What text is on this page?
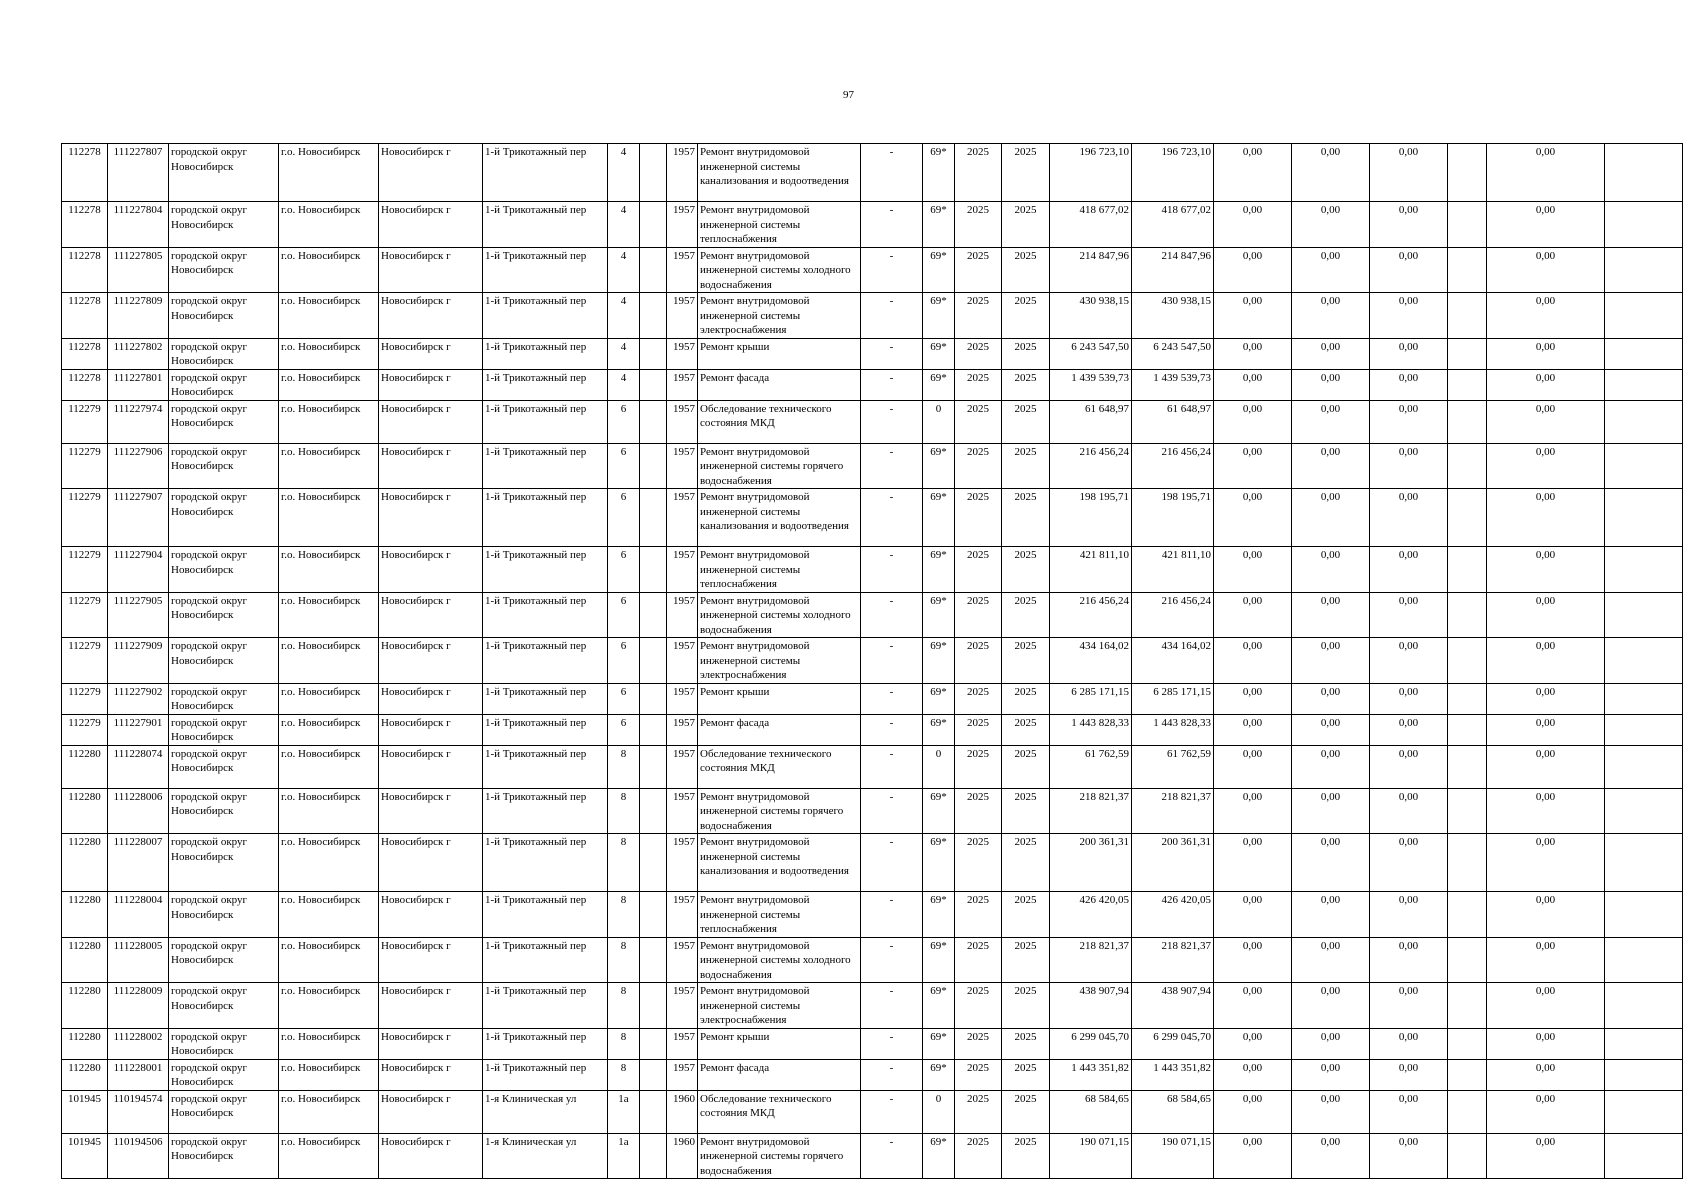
97
112278	111227807	городской округ Новосибирск	г.о. Новосибирск	Новосибирск г	1-й Трикотажный пер	4		1957	Ремонт внутридомовой инженерной системы канализования и водоотведения	-	69*	2025	2025	196 723,10	196 723,10	0,00	0,00	0,00		0,00	
112278	111227804	городской округ Новосибирск	г.о. Новосибирск	Новосибирск г	1-й Трикотажный пер	4		1957	Ремонт внутридомовой инженерной системы теплоснабжения	-	69*	2025	2025	418 677,02	418 677,02	0,00	0,00	0,00		0,00	
112278	111227805	городской округ Новосибирск	г.о. Новосибирск	Новосибирск г	1-й Трикотажный пер	4		1957	Ремонт внутридомовой инженерной системы холодного водоснабжения	-	69*	2025	2025	214 847,96	214 847,96	0,00	0,00	0,00		0,00	
112278	111227809	городской округ Новосибирск	г.о. Новосибирск	Новосибирск г	1-й Трикотажный пер	4		1957	Ремонт внутридомовой инженерной системы электроснабжения	-	69*	2025	2025	430 938,15	430 938,15	0,00	0,00	0,00		0,00	
112278	111227802	городской округ Новосибирск	г.о. Новосибирск	Новосибирск г	1-й Трикотажный пер	4		1957	Ремонт крыши	-	69*	2025	2025	6 243 547,50	6 243 547,50	0,00	0,00	0,00		0,00	
112278	111227801	городской округ Новосибирск	г.о. Новосибирск	Новосибирск г	1-й Трикотажный пер	4		1957	Ремонт фасада	-	69*	2025	2025	1 439 539,73	1 439 539,73	0,00	0,00	0,00		0,00	
112279	111227974	городской округ Новосибирск	г.о. Новосибирск	Новосибирск г	1-й Трикотажный пер	6		1957	Обследование технического состояния МКД	-	0	2025	2025	61 648,97	61 648,97	0,00	0,00	0,00		0,00	
112279	111227906	городской округ Новосибирск	г.о. Новосибирск	Новосибирск г	1-й Трикотажный пер	6		1957	Ремонт внутридомовой инженерной системы горячего водоснабжения	-	69*	2025	2025	216 456,24	216 456,24	0,00	0,00	0,00		0,00	
112279	111227907	городской округ Новосибирск	г.о. Новосибирск	Новосибирск г	1-й Трикотажный пер	6		1957	Ремонт внутридомовой инженерной системы канализования и водоотведения	-	69*	2025	2025	198 195,71	198 195,71	0,00	0,00	0,00		0,00	
112279	111227904	городской округ Новосибирск	г.о. Новосибирск	Новосибирск г	1-й Трикотажный пер	6		1957	Ремонт внутридомовой инженерной системы теплоснабжения	-	69*	2025	2025	421 811,10	421 811,10	0,00	0,00	0,00		0,00	
112279	111227905	городской округ Новосибирск	г.о. Новосибирск	Новосибирск г	1-й Трикотажный пер	6		1957	Ремонт внутридомовой инженерной системы холодного водоснабжения	-	69*	2025	2025	216 456,24	216 456,24	0,00	0,00	0,00		0,00	
112279	111227909	городской округ Новосибирск	г.о. Новосибирск	Новосибирск г	1-й Трикотажный пер	6		1957	Ремонт внутридомовой инженерной системы электроснабжения	-	69*	2025	2025	434 164,02	434 164,02	0,00	0,00	0,00		0,00	
112279	111227902	городской округ Новосибирск	г.о. Новосибирск	Новосибирск г	1-й Трикотажный пер	6		1957	Ремонт крыши	-	69*	2025	2025	6 285 171,15	6 285 171,15	0,00	0,00	0,00		0,00	
112279	111227901	городской округ Новосибирск	г.о. Новосибирск	Новосибирск г	1-й Трикотажный пер	6		1957	Ремонт фасада	-	69*	2025	2025	1 443 828,33	1 443 828,33	0,00	0,00	0,00		0,00	
112280	111228074	городской округ Новосибирск	г.о. Новосибирск	Новосибирск г	1-й Трикотажный пер	8		1957	Обследование технического состояния МКД	-	0	2025	2025	61 762,59	61 762,59	0,00	0,00	0,00		0,00	
112280	111228006	городской округ Новосибирск	г.о. Новосибирск	Новосибирск г	1-й Трикотажный пер	8		1957	Ремонт внутридомовой инженерной системы горячего водоснабжения	-	69*	2025	2025	218 821,37	218 821,37	0,00	0,00	0,00		0,00	
112280	111228007	городской округ Новосибирск	г.о. Новосибирск	Новосибирск г	1-й Трикотажный пер	8		1957	Ремонт внутридомовой инженерной системы канализования и водоотведения	-	69*	2025	2025	200 361,31	200 361,31	0,00	0,00	0,00		0,00	
112280	111228004	городской округ Новосибирск	г.о. Новосибирск	Новосибирск г	1-й Трикотажный пер	8		1957	Ремонт внутридомовой инженерной системы теплоснабжения	-	69*	2025	2025	426 420,05	426 420,05	0,00	0,00	0,00		0,00	
112280	111228005	городской округ Новосибирск	г.о. Новосибирск	Новосибирск г	1-й Трикотажный пер	8		1957	Ремонт внутридомовой инженерной системы холодного водоснабжения	-	69*	2025	2025	218 821,37	218 821,37	0,00	0,00	0,00		0,00	
112280	111228009	городской округ Новосибирск	г.о. Новосибирск	Новосибирск г	1-й Трикотажный пер	8		1957	Ремонт внутридомовой инженерной системы электроснабжения	-	69*	2025	2025	438 907,94	438 907,94	0,00	0,00	0,00		0,00	
112280	111228002	городской округ Новосибирск	г.о. Новосибирск	Новосибирск г	1-й Трикотажный пер	8		1957	Ремонт крыши	-	69*	2025	2025	6 299 045,70	6 299 045,70	0,00	0,00	0,00		0,00	
112280	111228001	городской округ Новосибирск	г.о. Новосибирск	Новосибирск г	1-й Трикотажный пер	8		1957	Ремонт фасада	-	69*	2025	2025	1 443 351,82	1 443 351,82	0,00	0,00	0,00		0,00	
101945	110194574	городской округ Новосибирск	г.о. Новосибирск	Новосибирск г	1-я Клиническая ул	1а		1960	Обследование технического состояния МКД	-	0	2025	2025	68 584,65	68 584,65	0,00	0,00	0,00		0,00	
101945	110194506	городской округ Новосибирск	г.о. Новосибирск	Новосибирск г	1-я Клиническая ул	1а		1960	Ремонт внутридомовой инженерной системы горячего водоснабжения	-	69*	2025	2025	190 071,15	190 071,15	0,00	0,00	0,00		0,00	
